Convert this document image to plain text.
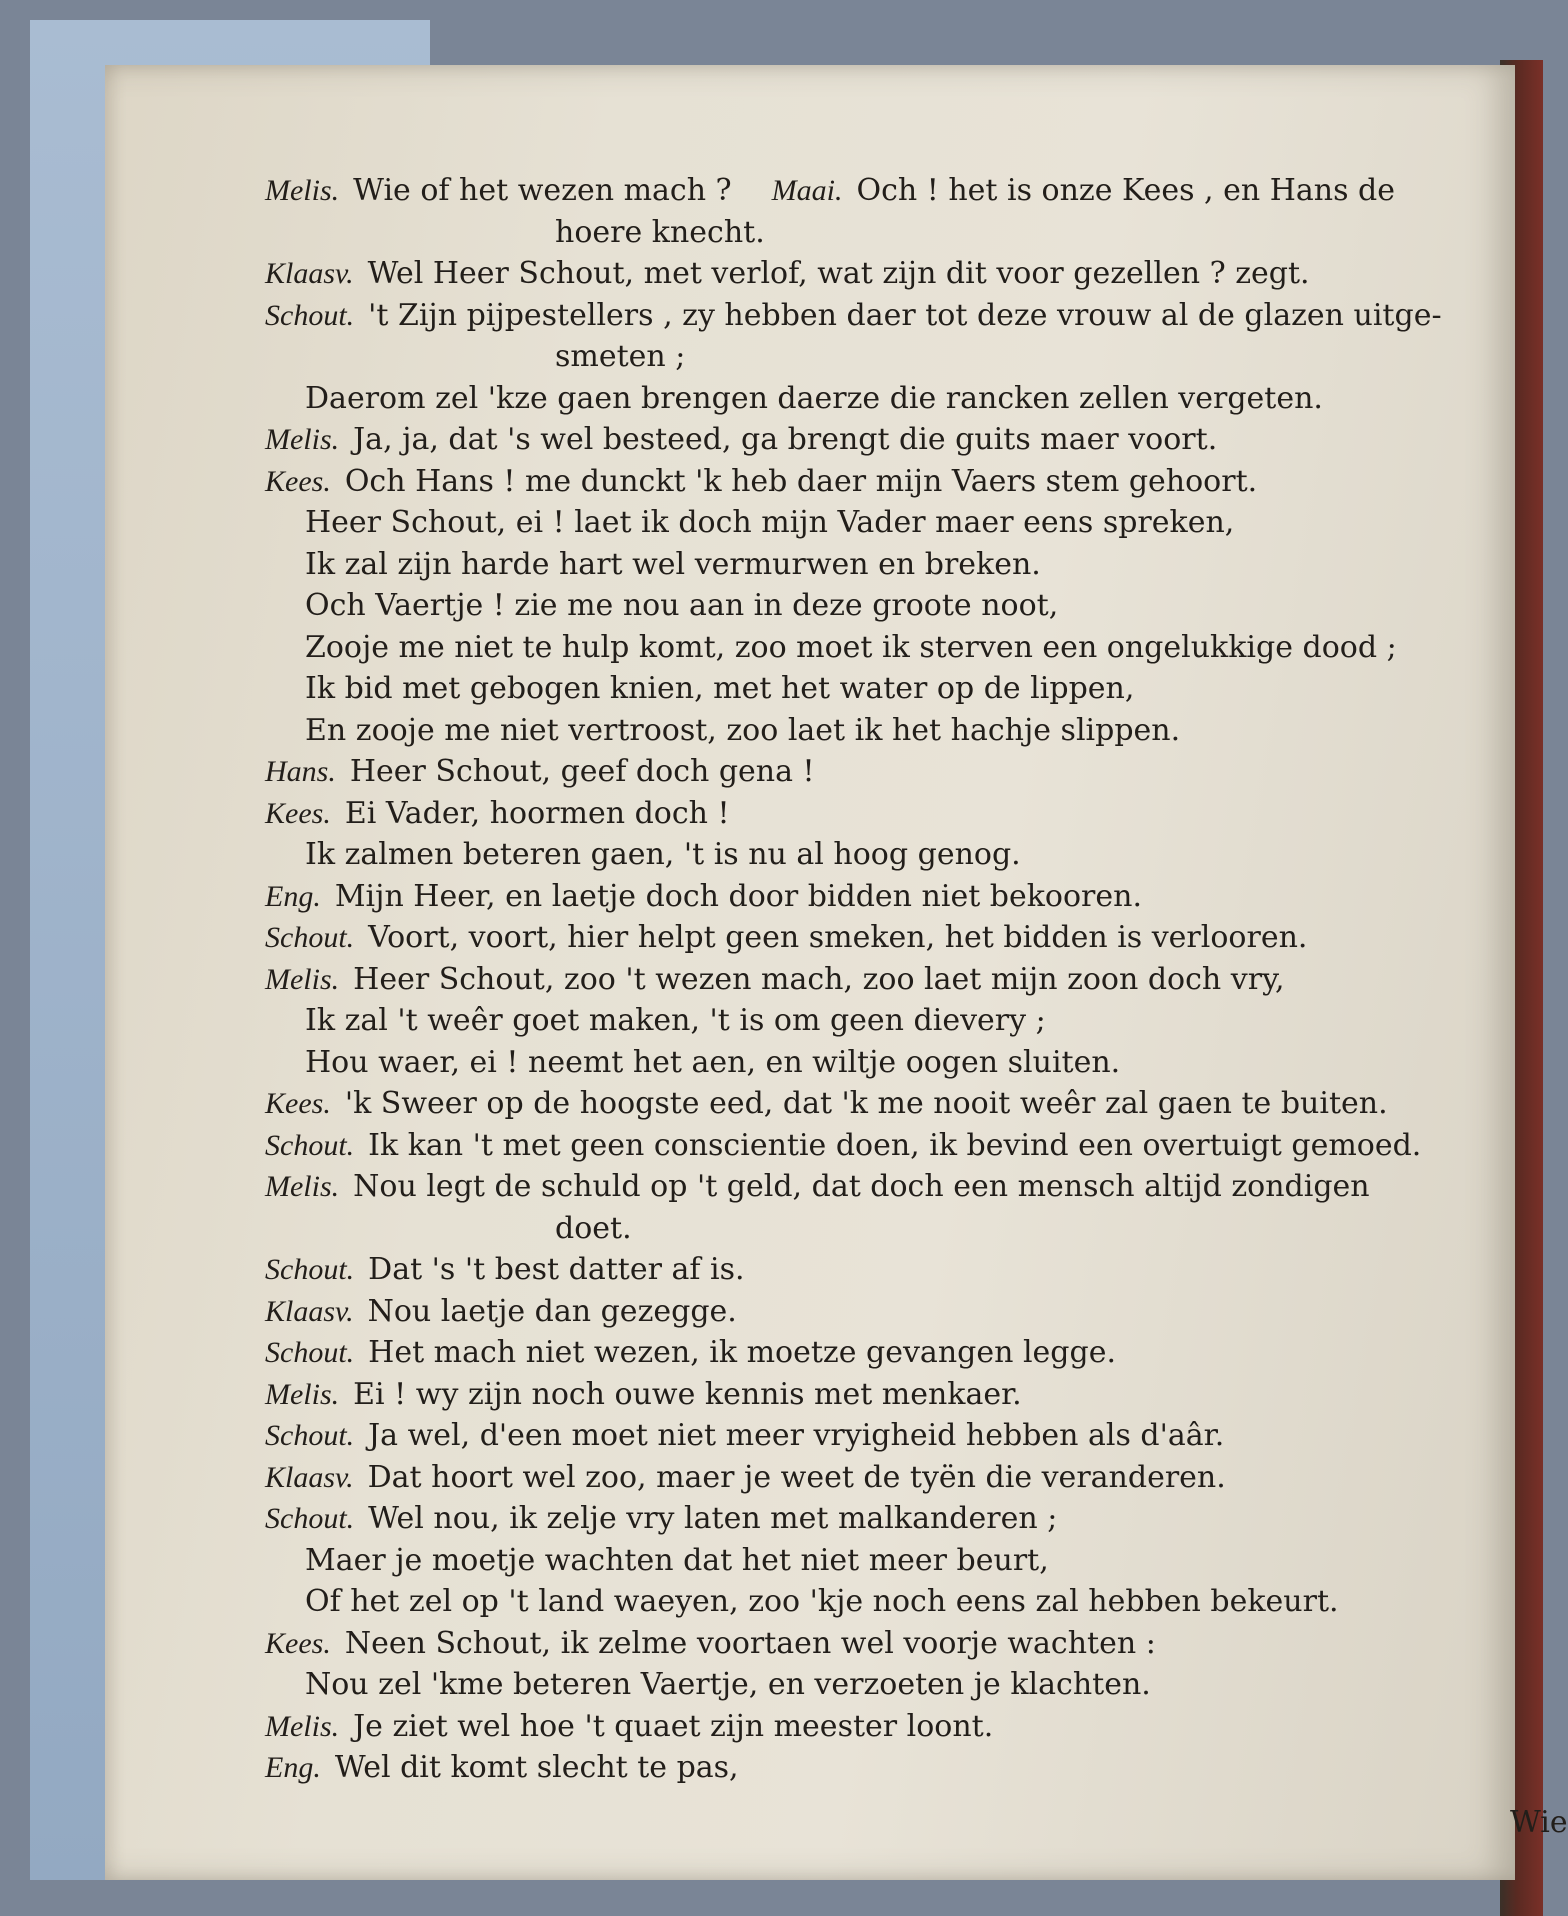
Melis. Wie of het wezen mach ? Maai. Och ! het is onze Kees , en Hans de
hoere knecht.
Klaasv. Wel Heer Schout, met verlof, wat zijn dit voor gezellen ? zegt.
Schout. 't Zijn pijpestellers , zy hebben daer tot deze vrouw al de glazen uitge-
smeten ;
Daerom zel 'kze gaen brengen daerze die rancken zellen vergeten.
Melis. Ja, ja, dat 's wel besteed, ga brengt die guits maer voort.
Kees. Och Hans ! me dunckt 'k heb daer mijn Vaers stem gehoort.
Heer Schout, ei ! laet ik doch mijn Vader maer eens spreken,
Ik zal zijn harde hart wel vermurwen en breken.
Och Vaertje ! zie me nou aan in deze groote noot,
Zooje me niet te hulp komt, zoo moet ik sterven een ongelukkige dood ;
Ik bid met gebogen knien, met het water op de lippen,
En zooje me niet vertroost, zoo laet ik het hachje slippen.
Hans. Heer Schout, geef doch gena !
Kees. Ei Vader, hoormen doch !
Ik zalmen beteren gaen, 't is nu al hoog genog.
Eng. Mijn Heer, en laetje doch door bidden niet bekooren.
Schout. Voort, voort, hier helpt geen smeken, het bidden is verlooren.
Melis. Heer Schout, zoo 't wezen mach, zoo laet mijn zoon doch vry,
Ik zal 't weêr goet maken, 't is om geen dievery ;
Hou waer, ei ! neemt het aen, en wiltje oogen sluiten.
Kees. 'k Sweer op de hoogste eed, dat 'k me nooit weêr zal gaen te buiten.
Schout. Ik kan 't met geen conscientie doen, ik bevind een overtuigt gemoed.
Melis. Nou legt de schuld op 't geld, dat doch een mensch altijd zondigen
doet.
Schout. Dat 's 't best datter af is.
Klaasv. Nou laetje dan gezegge.
Schout. Het mach niet wezen, ik moetze gevangen legge.
Melis. Ei ! wy zijn noch ouwe kennis met menkaer.
Schout. Ja wel, d'een moet niet meer vryigheid hebben als d'aâr.
Klaasv. Dat hoort wel zoo, maer je weet de tyën die veranderen.
Schout. Wel nou, ik zelje vry laten met malkanderen ;
Maer je moetje wachten dat het niet meer beurt,
Of het zel op 't land waeyen, zoo 'kje noch eens zal hebben bekeurt.
Kees. Neen Schout, ik zelme voortaen wel voorje wachten :
Nou zel 'kme beteren Vaertje, en verzoeten je klachten.
Melis. Je ziet wel hoe 't quaet zijn meester loont.
Eng. Wel dit komt slecht te pas,
Wie
